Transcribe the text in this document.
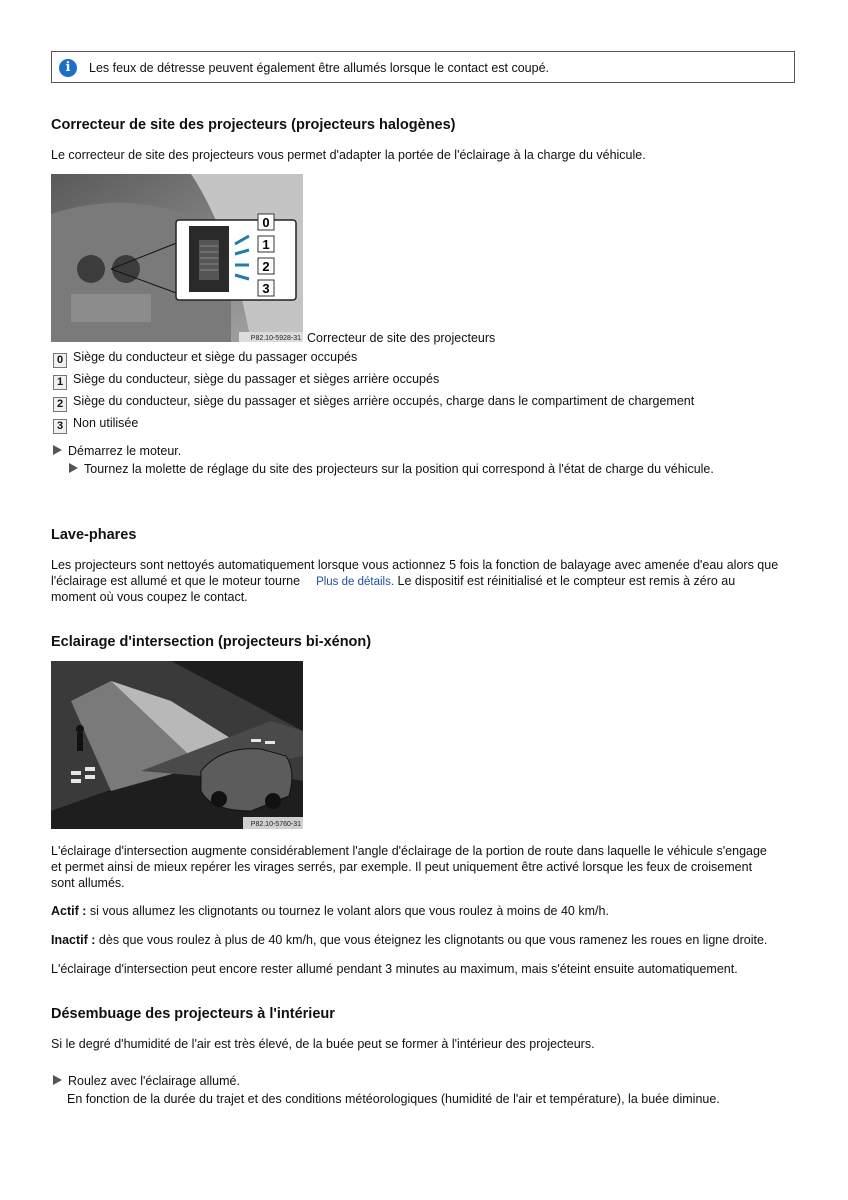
i	Les feux de détresse peuvent également être allumés lorsque le contact est coupé.
Correcteur de site des projecteurs (projecteurs halogènes)

Le correcteur de site des projecteurs vous permet d'adapter la portée de l'éclairage à la charge du véhicule.

0
1
2
3
P82.10-5928-31 Correcteur de site des projecteurs

0 Siège du conducteur et siège du passager occupés

1 Siège du conducteur, siège du passager et sièges arrière occupés

2 Siège du conducteur, siège du passager et sièges arrière occupés, charge dans le compartiment de chargement

3 Non utilisée

Démarrez le moteur.

Tournez la molette de réglage du site des projecteurs sur la position qui correspond à l'état de charge du véhicule.

Lave-phares

Les projecteurs sont nettoyés automatiquement lorsque vous actionnez 5 fois la fonction de balayage avec amenée d'eau alors que

l'éclairage est allumé et que le moteur tourne Plus de détails. Le dispositif est réinitialisé et le compteur est remis à zéro au

moment où vous coupez le contact.

Eclairage d'intersection (projecteurs bi-xénon)
P82.10-5760-31

L'éclairage d'intersection augmente considérablement l'angle d'éclairage de la portion de route dans laquelle le véhicule s'engage

et permet ainsi de mieux repérer les virages serrés, par exemple. Il peut uniquement être activé lorsque les feux de croisement

sont allumés.

Actif : si vous allumez les clignotants ou tournez le volant alors que vous roulez à moins de 40 km/h.

Inactif : dès que vous roulez à plus de 40 km/h, que vous éteignez les clignotants ou que vous ramenez les roues en ligne droite.

L'éclairage d'intersection peut encore rester allumé pendant 3 minutes au maximum, mais s'éteint ensuite automatiquement.

Désembuage des projecteurs à l'intérieur

Si le degré d'humidité de l'air est très élevé, de la buée peut se former à l'intérieur des projecteurs.

Roulez avec l'éclairage allumé.

En fonction de la durée du trajet et des conditions météorologiques (humidité de l'air et température), la buée diminue.
